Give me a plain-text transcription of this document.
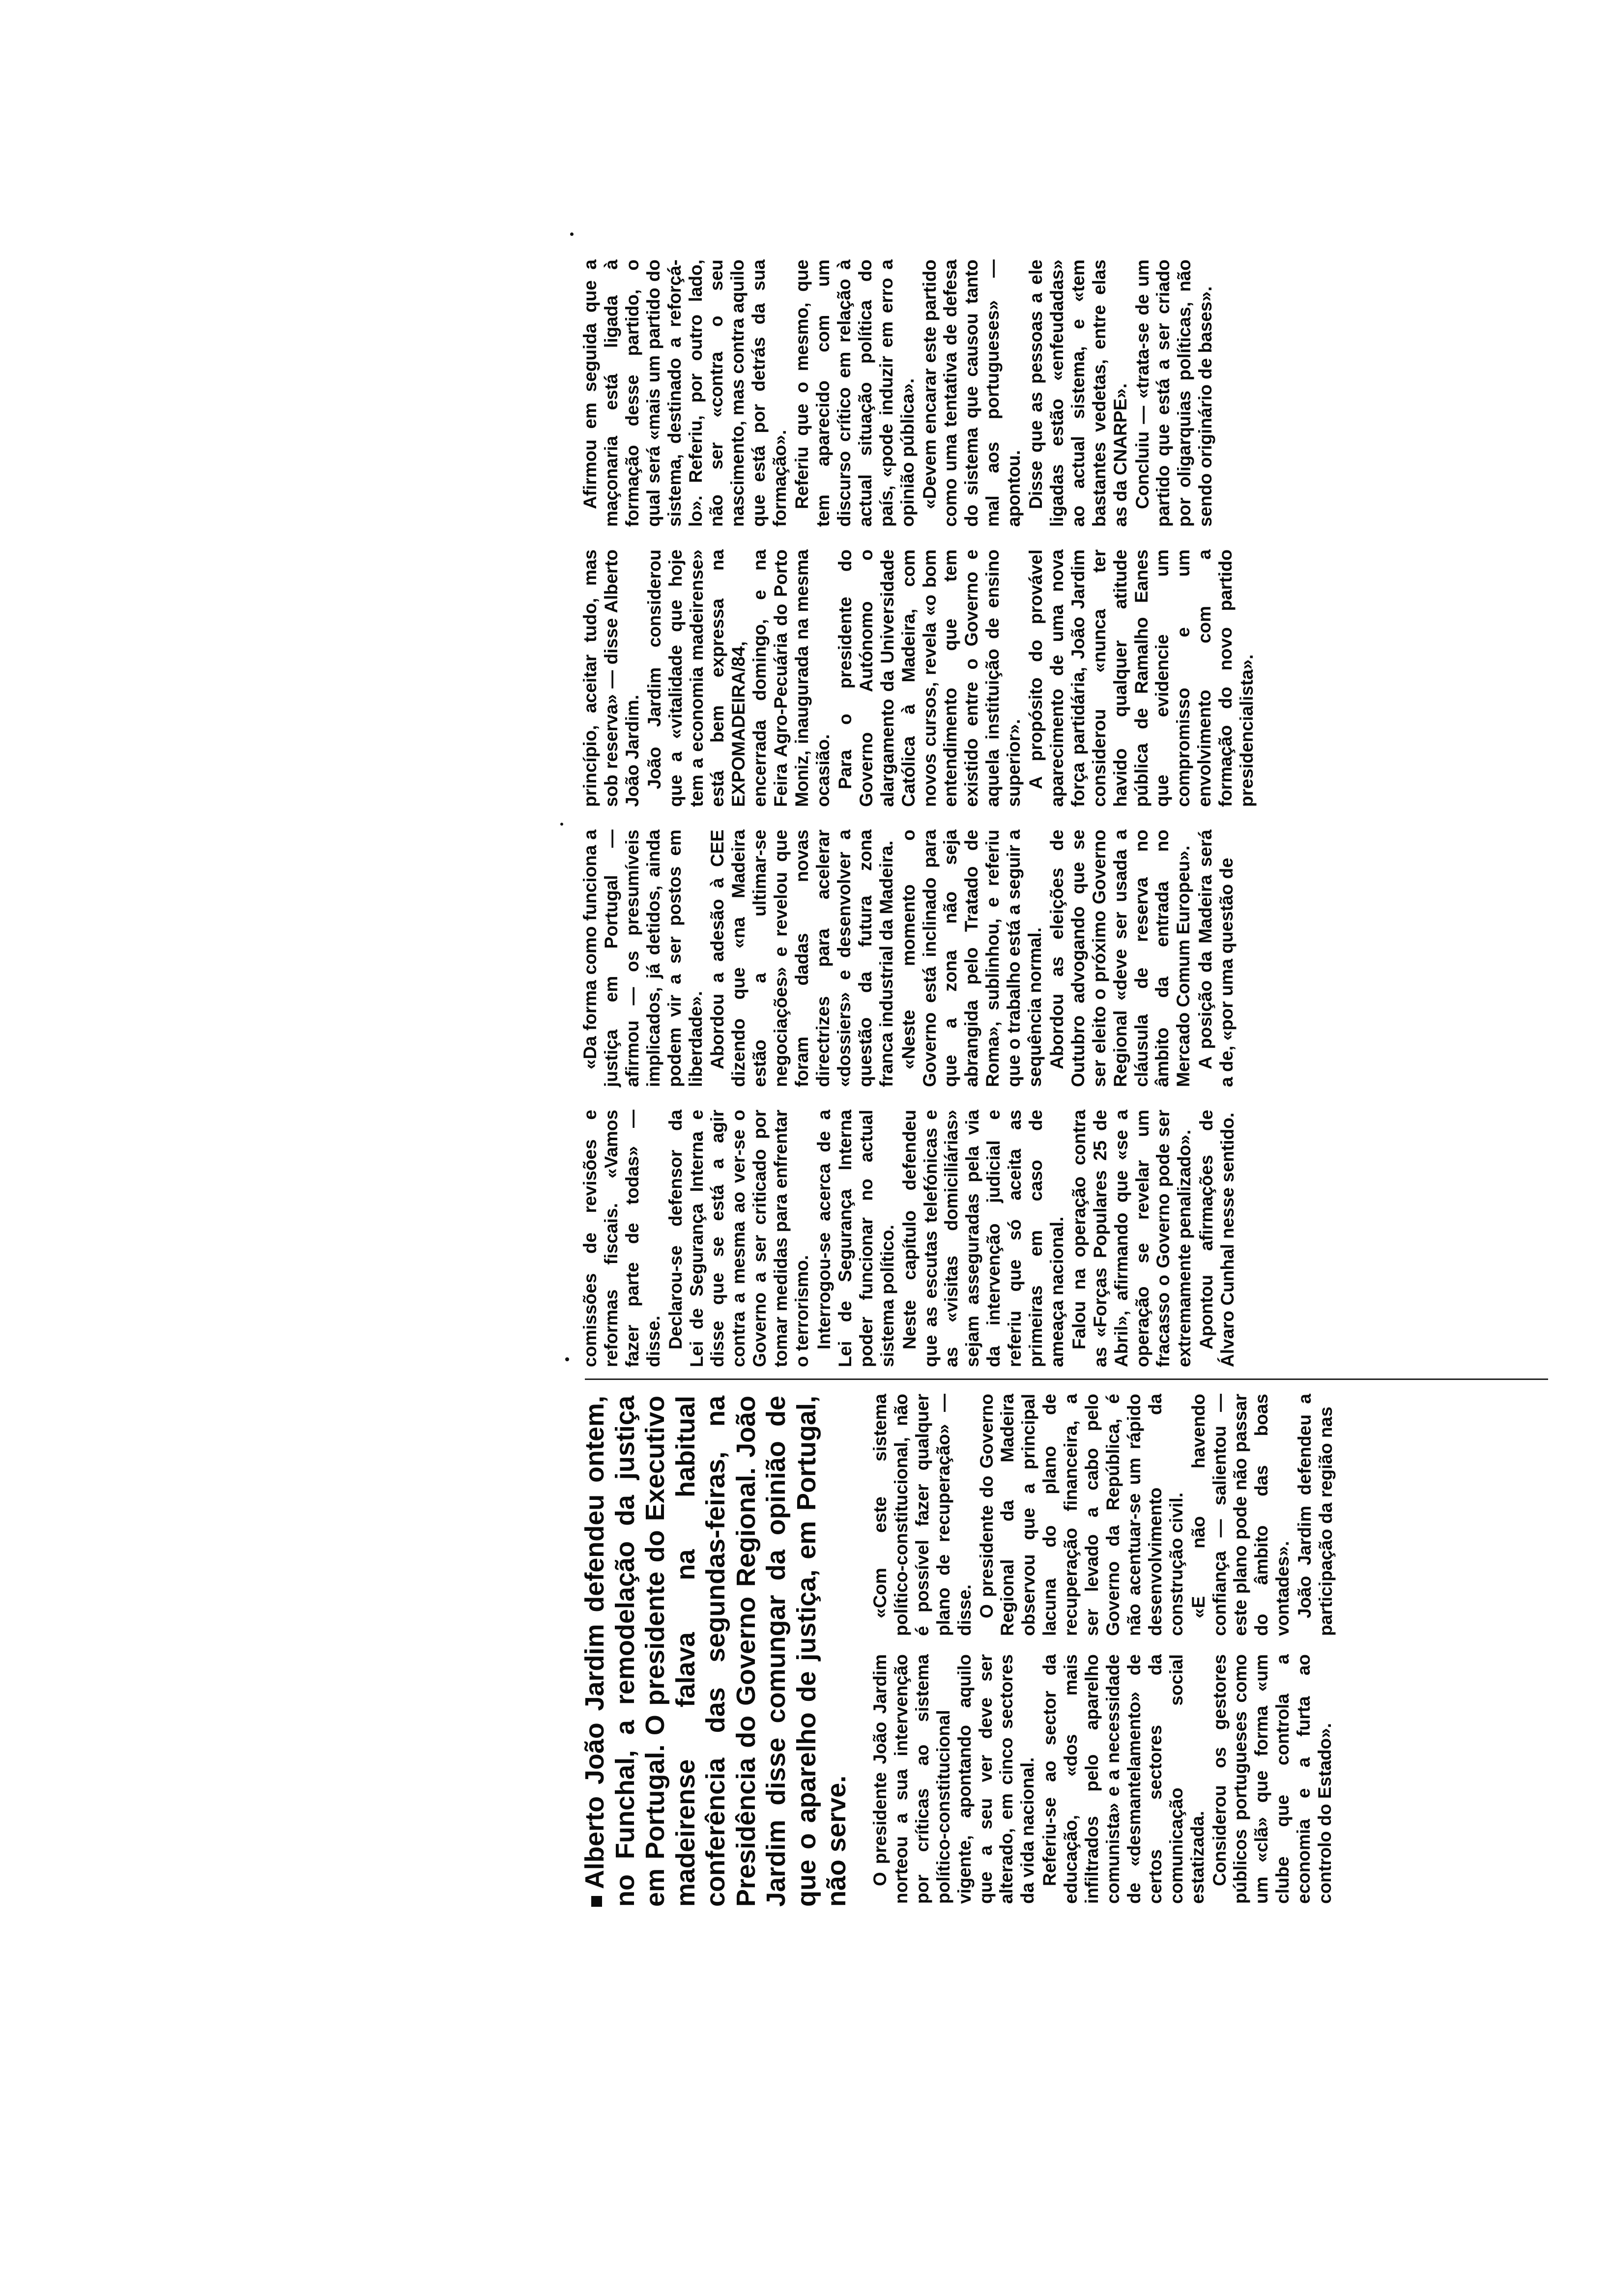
Alberto João Jardim defendeu ontem, no Funchal, a remodelação da justiça em Portugal. O presidente do Executivo madeirense falava na habitual conferência das segundas-feiras, na Presidência do Governo Regional. João Jardim disse comungar da opinião de que o aparelho de justiça, em Portugal, não serve. O presidente João Jardim norteou a sua intervenção por críticas ao sistema político-constitucional vigente, apontando aquilo que a seu ver deve ser alterado, em cinco sectores da vida nacional. Referiu-se ao sector da educação, «dos mais infiltrados pelo aparelho comunista» e a necessidade de «desmantelamento» de certos sectores da comunicação social estatizada. Considerou os gestores públicos portugueses como um «clã» que forma «um clube que controla a economia e a furta ao controlo do Estado».

«Com este sistema político-constitucional, não é possível fazer qualquer plano de recuperação» — disse. O presidente do Governo Regional da Madeira observou que a principal lacuna do plano de recuperação financeira, a ser levado a cabo pelo Governo da República, é não acentuar-se um rápido desenvolvimento da construção civil. «E não havendo confiança — salientou — este plano pode não passar do âmbito das boas vontades». João Jardim defendeu a participação da região nas

comissões de revisões e reformas fiscais. «Vamos fazer parte de todas» — disse. Declarou-se defensor da Lei de Segurança Interna e disse que se está a agir contra a mesma ao ver-se o Governo a ser criticado por tomar medidas para enfrentar o terrorismo. Interrogou-se acerca de a Lei de Segurança Interna poder funcionar no actual sistema político. Neste capítulo defendeu que as escutas telefónicas e as «visitas domiciliárias» sejam asseguradas pela via da intervenção judicial e referiu que só aceita as primeiras em caso de ameaça nacional. Falou na operação contra as «Forças Populares 25 de Abril», afirmando que «se a operação se revelar um fracasso o Governo pode ser extremamente penalizado». Apontou afirmações de Álvaro Cunhal nesse sentido.

«Da forma como funciona a justiça em Portugal — afirmou — os presumíveis implicados, já detidos, ainda podem vir a ser postos em liberdade». Abordou a adesão à CEE dizendo que «na Madeira estão a ultimar-se negociações» e revelou que foram dadas novas directrizes para acelerar «dossiers» e desenvolver a questão da futura zona franca industrial da Madeira. «Neste momento o Governo está inclinado para que a zona não seja abrangida pelo Tratado de Roma», sublinhou, e referiu que o trabalho está a seguir a sequência normal. Abordou as eleições de Outubro advogando que se ser eleito o próximo Governo Regional «deve ser usada a cláusula de reserva no âmbito da entrada no Mercado Comum Europeu». A posição da Madeira será a de, «por uma questão de

princípio, aceitar tudo, mas sob reserva» — disse Alberto João Jardim. João Jardim considerou que a «vitalidade que hoje tem a economia madeirense» está bem expressa na EXPOMADEIRA/84, encerrada domingo, e na Feira Agro-Pecuária do Porto Moniz, inaugurada na mesma ocasião. Para o presidente do Governo Autónomo o alargamento da Universidade Católica à Madeira, com novos cursos, revela «o bom entendimento que tem existido entre o Governo e aquela instituição de ensino superior». A propósito do provável aparecimento de uma nova força partidária, João Jardim considerou «nunca ter havido qualquer atitude pública de Ramalho Eanes que evidencie um compromisso e um envolvimento com a formação do novo partido presidencialista».

Afirmou em seguida que a maçonaria está ligada à formação desse partido, o qual será «mais um partido do sistema, destinado a reforçá-lo». Referiu, por outro lado, não ser «contra o seu nascimento, mas contra aquilo que está por detrás da sua formação». Referiu que o mesmo, que tem aparecido com um discurso crítico em relação à actual situação política do país, «pode induzir em erro a opinião pública». «Devem encarar este partido como uma tentativa de defesa do sistema que causou tanto mal aos portugueses» — apontou. Disse que as pessoas a ele ligadas estão «enfeudadas» ao actual sistema, e «tem bastantes vedetas, entre elas as da CNARPE». Concluiu — «trata-se de um partido que está a ser criado por oligarquias políticas, não sendo originário de bases».
